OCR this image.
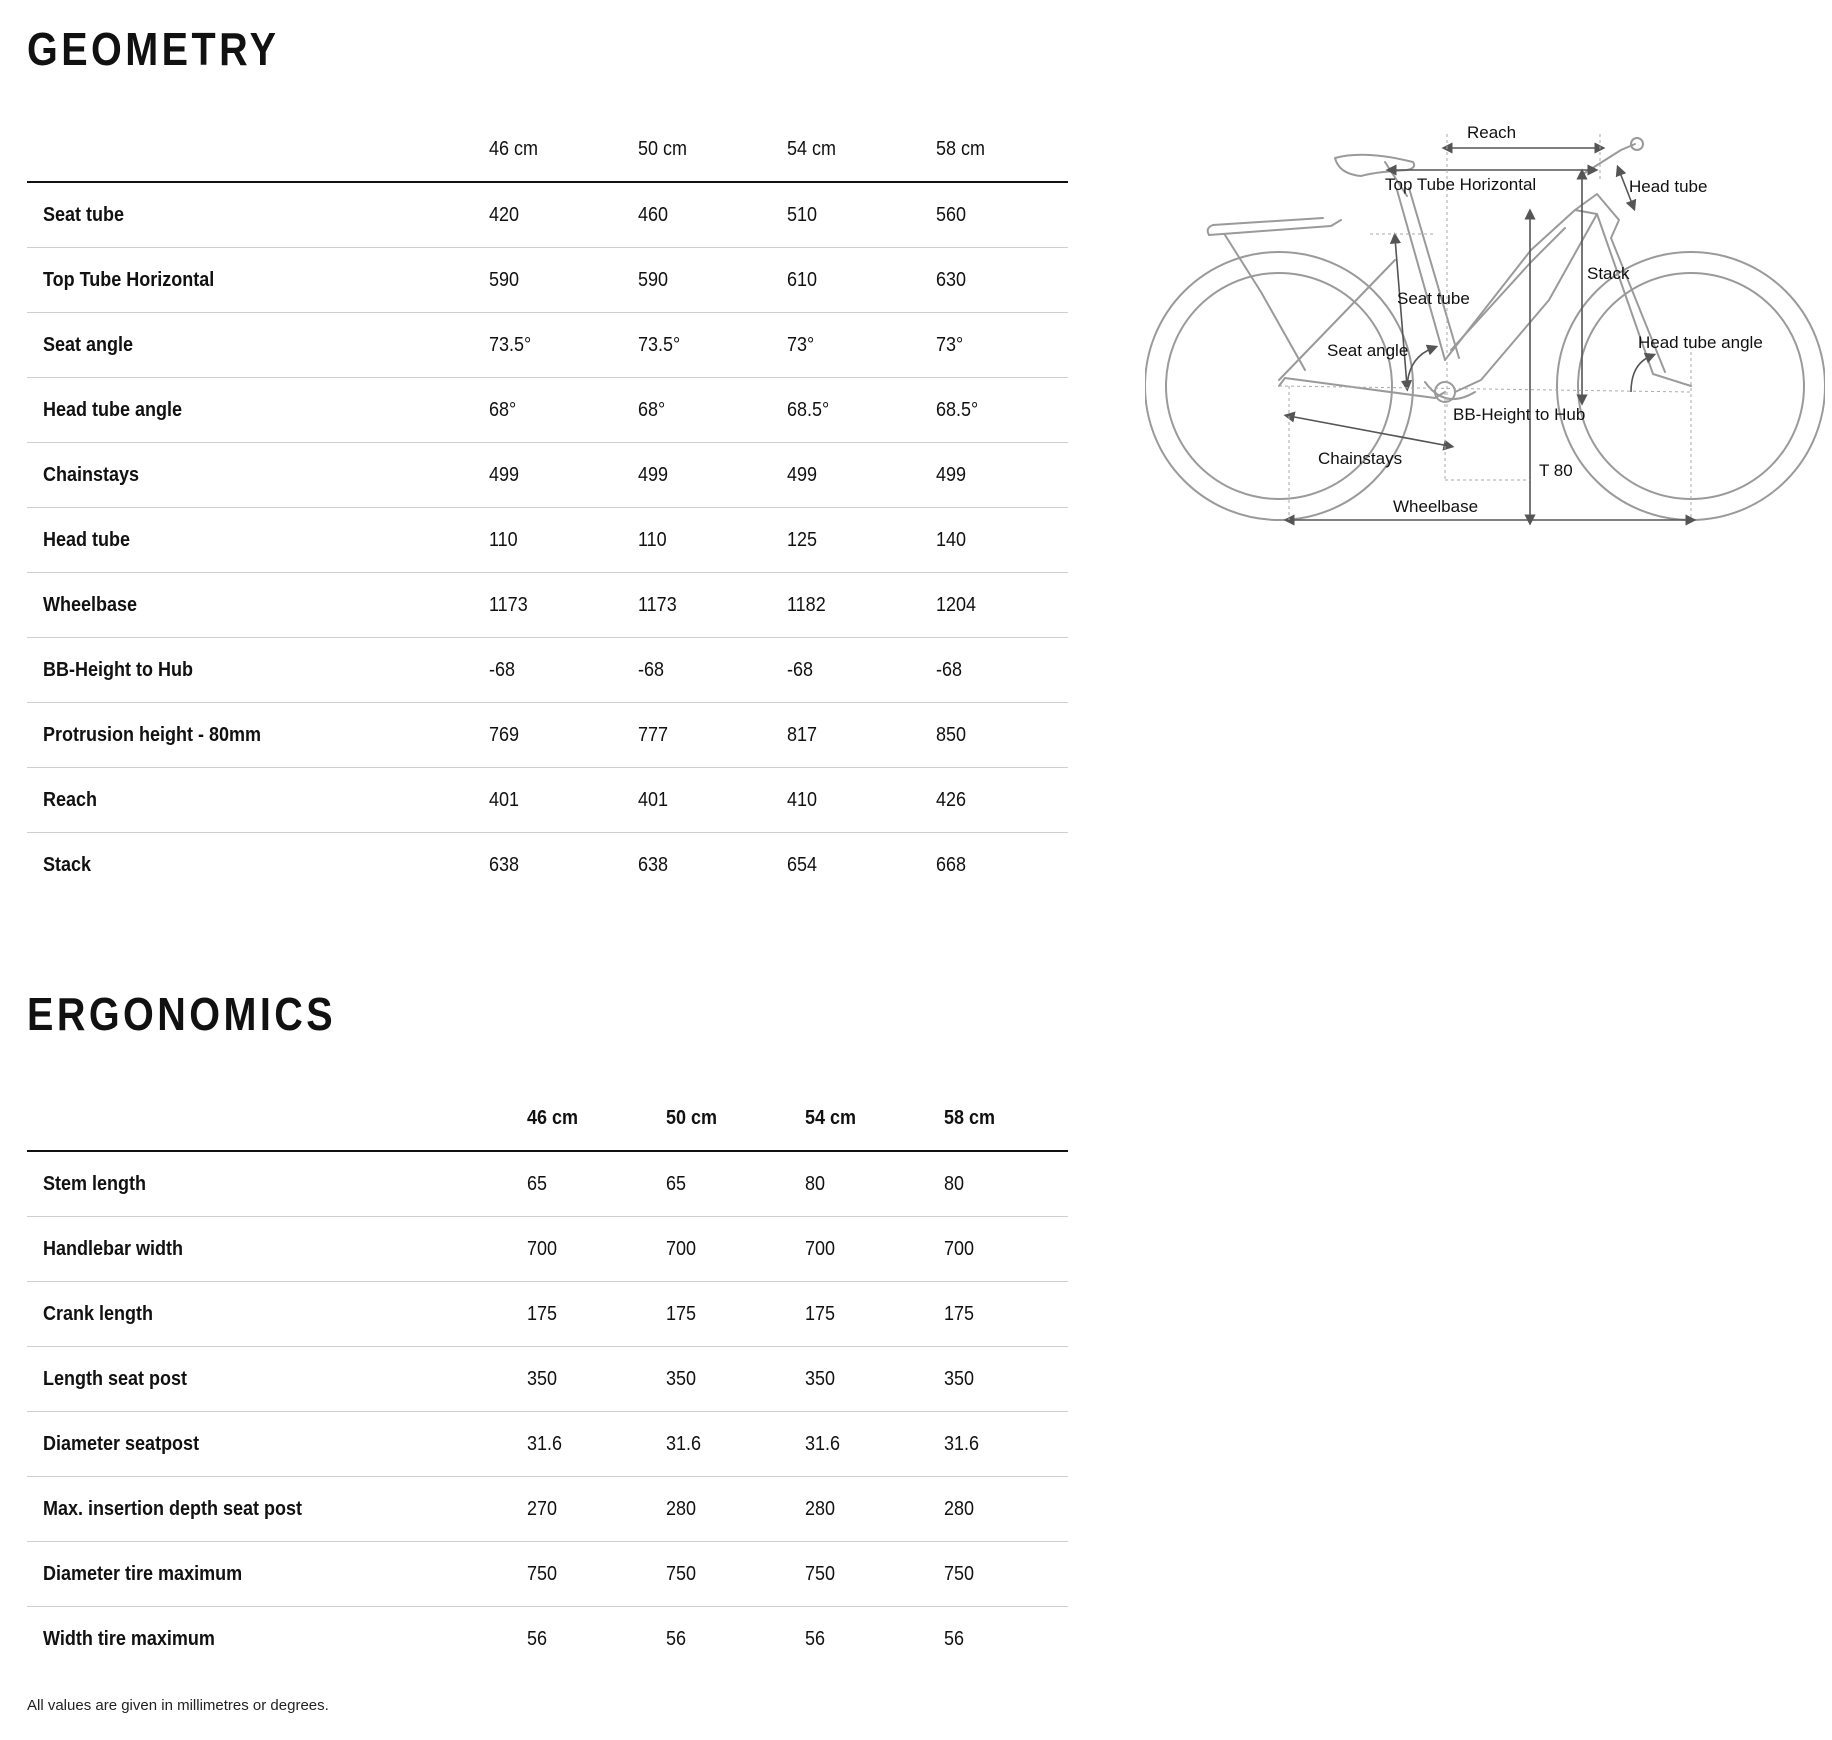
GEOMETRY
	46 cm	50 cm	54 cm	58 cm
Seat tube	420	460	510	560
Top Tube Horizontal	590	590	610	630
Seat angle	73.5°	73.5°	73°	73°
Head tube angle	68°	68°	68.5°	68.5°
Chainstays	499	499	499	499
Head tube	110	110	125	140
Wheelbase	1173	1173	1182	1204
BB-Height to Hub	-68	-68	-68	-68
Protrusion height - 80mm	769	777	817	850
Reach	401	401	410	426
Stack	638	638	654	668
Reach
Top Tube Horizontal	Head tube
Stack
Seat tube
Head tube angle
Seat angle
BB-Height to Hub
Chainstays
T 80
Wheelbase
ERGONOMICS
	46 cm	50 cm	54 cm	58 cm
Stem length	65	65	80	80
Handlebar width	700	700	700	700
Crank length	175	175	175	175
Length seat post	350	350	350	350
Diameter seatpost	31.6	31.6	31.6	31.6
Max. insertion depth seat post	270	280	280	280
Diameter tire maximum	750	750	750	750
Width tire maximum	56	56	56	56

All values are given in millimetres or degrees.
